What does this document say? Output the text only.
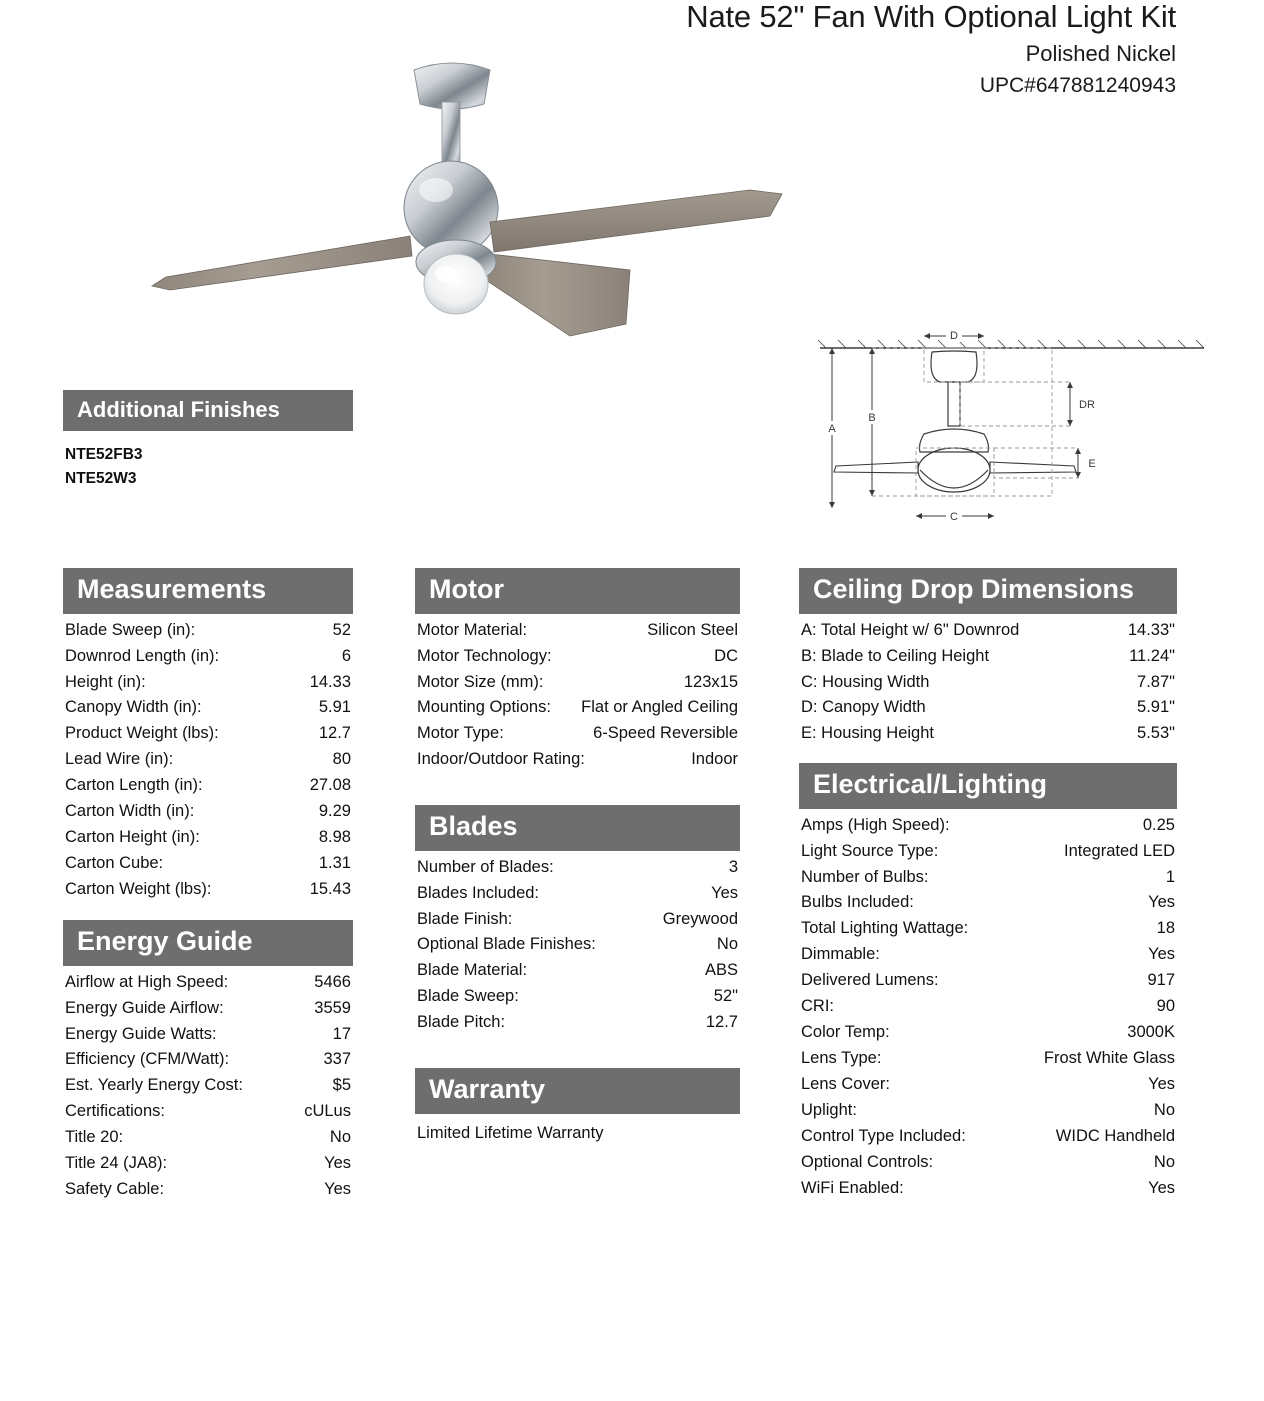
Nate 52" Fan With Optional Light Kit
Polished Nickel
UPC#647881240943
D
DR
B
A
C
E
Additional Finishes
NTE52FB3
NTE52W3
Measurements
Blade Sweep (in):	52
Downrod Length (in):	6
Height (in):	14.33
Canopy Width (in):	5.91
Product Weight (lbs):	12.7
Lead Wire (in):	80
Carton Length (in):	27.08
Carton Width (in):	9.29
Carton Height (in):	8.98
Carton Cube:	1.31
Carton Weight (lbs):	15.43
Energy Guide
Airflow at High Speed:	5466
Energy Guide Airflow:	3559
Energy Guide Watts:	17
Efficiency (CFM/Watt):	337
Est. Yearly Energy Cost:	$5
Certifications:	cULus
Title 20:	No
Title 24 (JA8):	Yes
Safety Cable:	Yes
Motor
Motor Material:	Silicon Steel
Motor Technology:	DC
Motor Size (mm):	123x15
Mounting Options: Flat or Angled Ceiling
Motor Type:	6-Speed Reversible
Indoor/Outdoor Rating:	Indoor
Blades
Number of Blades:	3
Blades Included:	Yes
Blade Finish:	Greywood
Optional Blade Finishes:	No
Blade Material:	ABS
Blade Sweep:	52"
Blade Pitch:	12.7
Warranty
Limited Lifetime Warranty
Ceiling Drop Dimensions
A: Total Height w/ 6" Downrod	14.33"
B: Blade to Ceiling Height	11.24"
C: Housing Width	7.87"
D: Canopy Width	5.91"
E: Housing Height	5.53"
Electrical/Lighting
Amps (High Speed):	0.25
Light Source Type:	Integrated LED
Number of Bulbs:	1
Bulbs Included:	Yes
Total Lighting Wattage:	18
Dimmable:	Yes
Delivered Lumens:	917
CRI:	90
Color Temp:	3000K
Lens Type:	Frost White Glass
Lens Cover:	Yes
Uplight:	No
Control Type Included:	WIDC Handheld
Optional Controls:	No
WiFi Enabled:	Yes
